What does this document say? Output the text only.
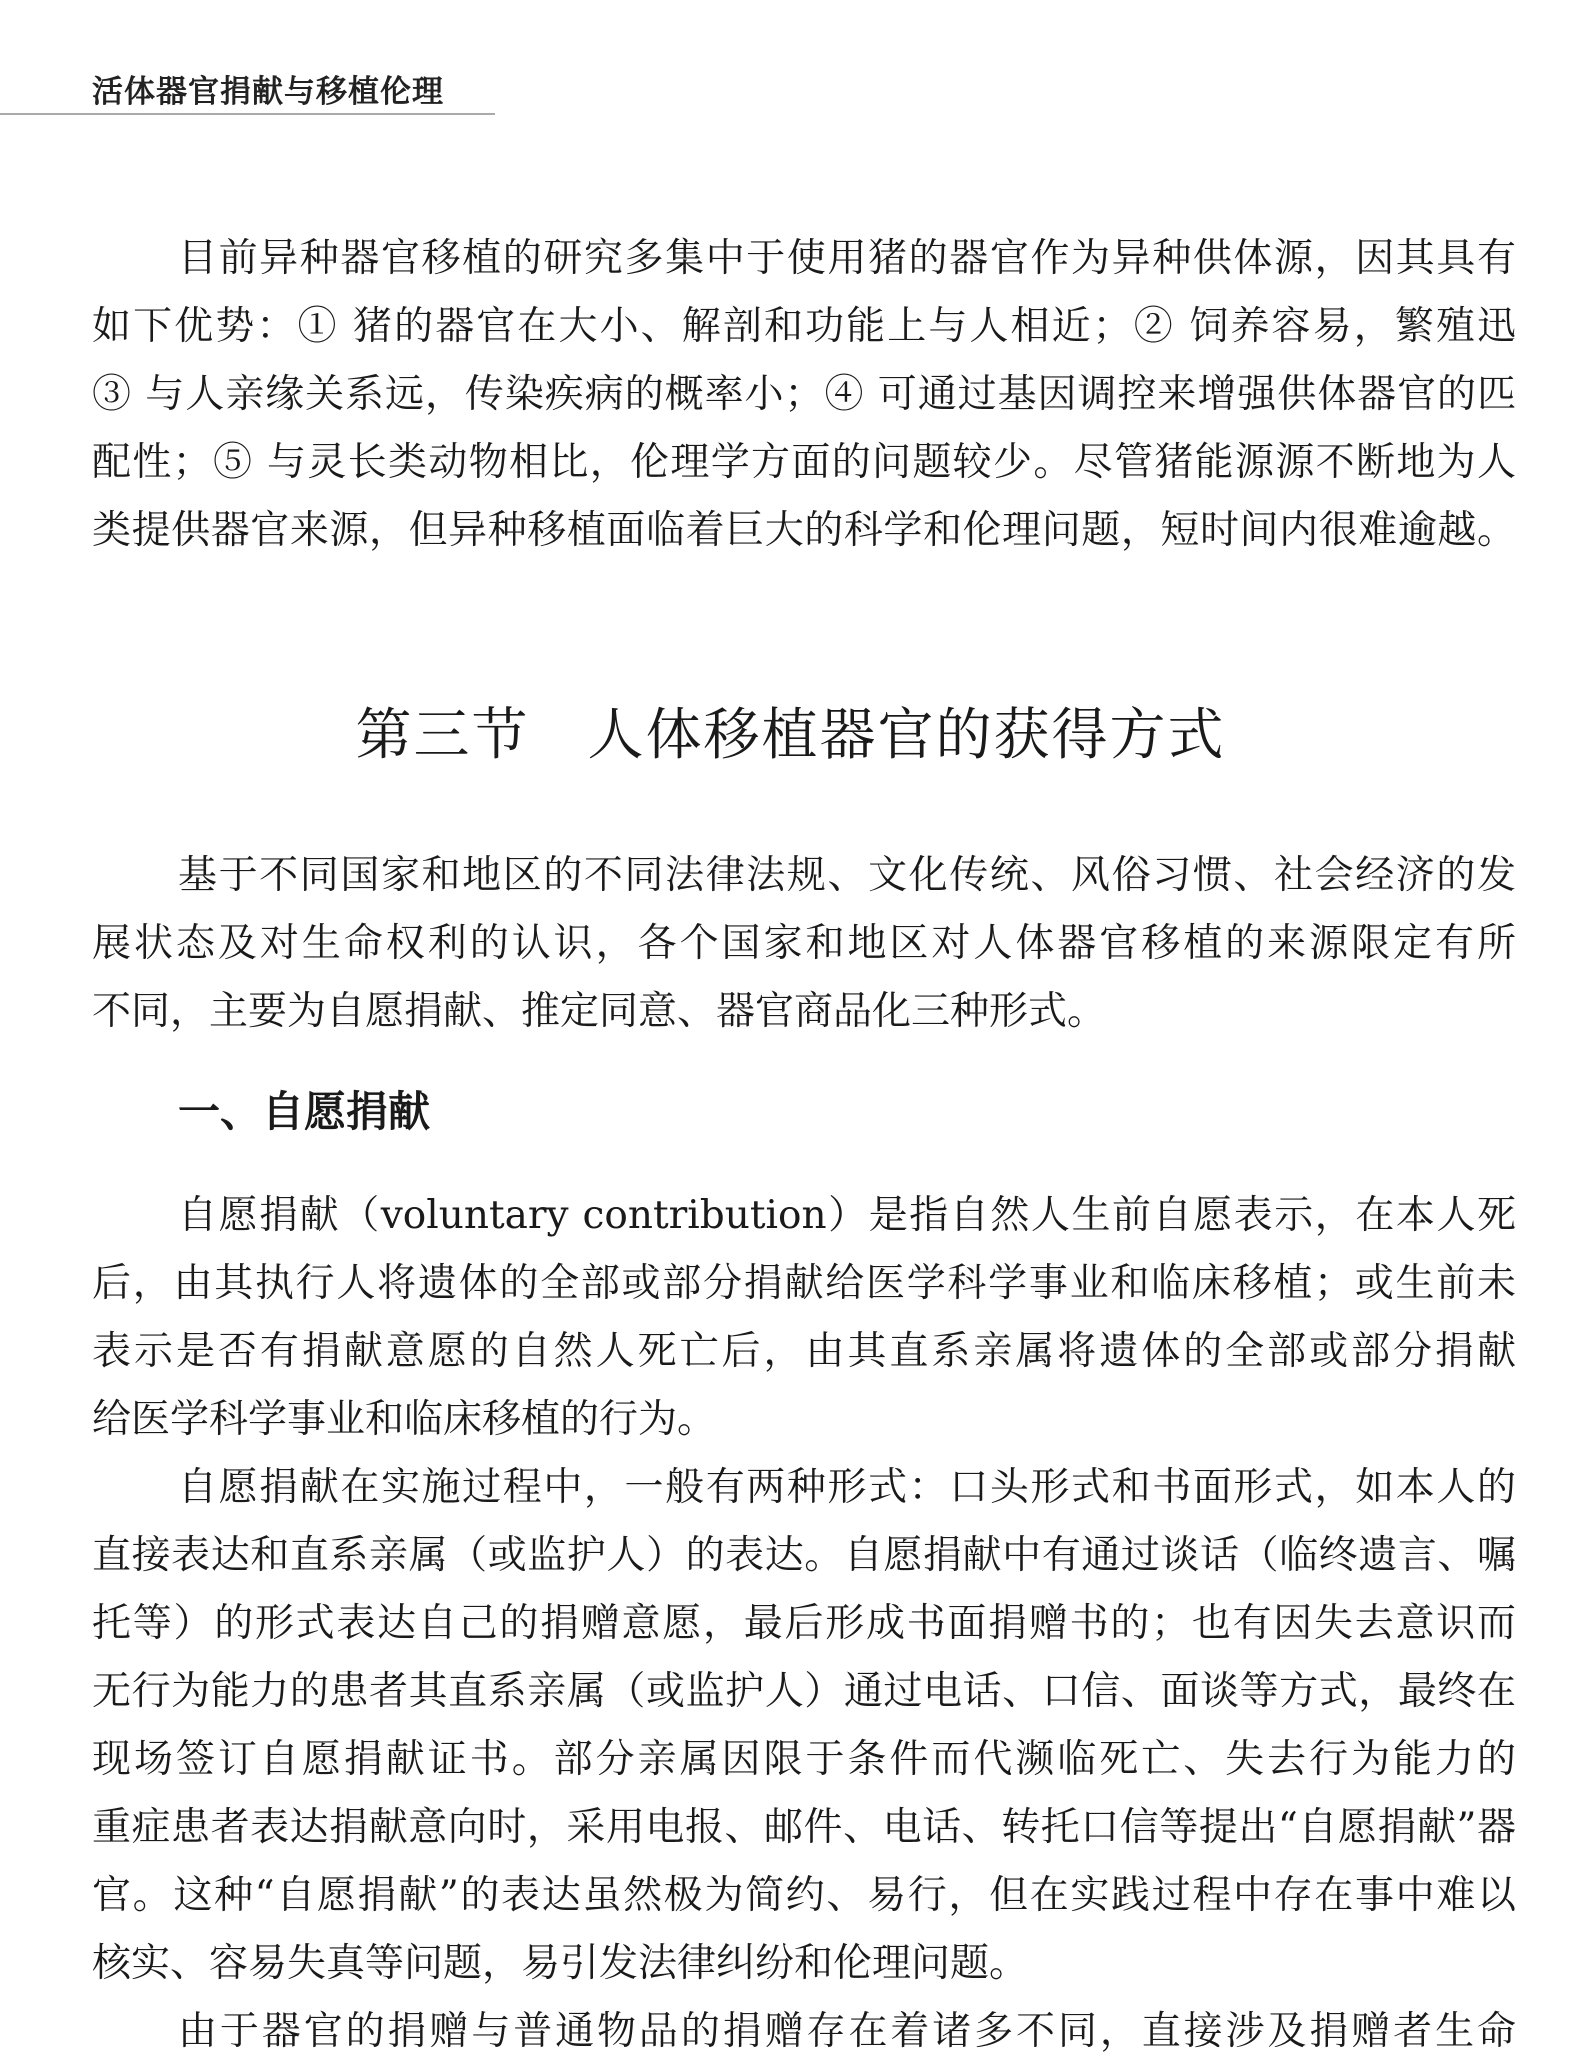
活体器官捐献与移植伦理
目前异种器官移植的研究多集中于使用猪的器官作为异种供体源，因其具有
如下优势：① 猪的器官在大小、解剖和功能上与人相近；② 饲养容易，繁殖迅
③ 与人亲缘关系远，传染疾病的概率小；④ 可通过基因调控来增强供体器官的匹
配性；⑤ 与灵长类动物相比，伦理学方面的问题较少。尽管猪能源源不断地为人
类提供器官来源，但异种移植面临着巨大的科学和伦理问题，短时间内很难逾越。
第三节　人体移植器官的获得方式
基于不同国家和地区的不同法律法规、文化传统、风俗习惯、社会经济的发
展状态及对生命权利的认识，各个国家和地区对人体器官移植的来源限定有所
不同，主要为自愿捐献、推定同意、器官商品化三种形式。
一、自愿捐献
自愿捐献（voluntary contribution）是指自然人生前自愿表示，在本人死
后，由其执行人将遗体的全部或部分捐献给医学科学事业和临床移植；或生前未
表示是否有捐献意愿的自然人死亡后，由其直系亲属将遗体的全部或部分捐献
给医学科学事业和临床移植的行为。
自愿捐献在实施过程中，一般有两种形式：口头形式和书面形式，如本人的
直接表达和直系亲属（或监护人）的表达。自愿捐献中有通过谈话（临终遗言、嘱
托等）的形式表达自己的捐赠意愿，最后形成书面捐赠书的；也有因失去意识而
无行为能力的患者其直系亲属（或监护人）通过电话、口信、面谈等方式，最终在
现场签订自愿捐献证书。部分亲属因限于条件而代濒临死亡、失去行为能力的
重症患者表达捐献意向时，采用电报、邮件、电话、转托口信等提出“自愿捐献”器
官。这种“自愿捐献”的表达虽然极为简约、易行，但在实践过程中存在事中难以
核实、容易失真等问题，易引发法律纠纷和伦理问题。
由于器官的捐赠与普通物品的捐赠存在着诸多不同，直接涉及捐赠者生命
